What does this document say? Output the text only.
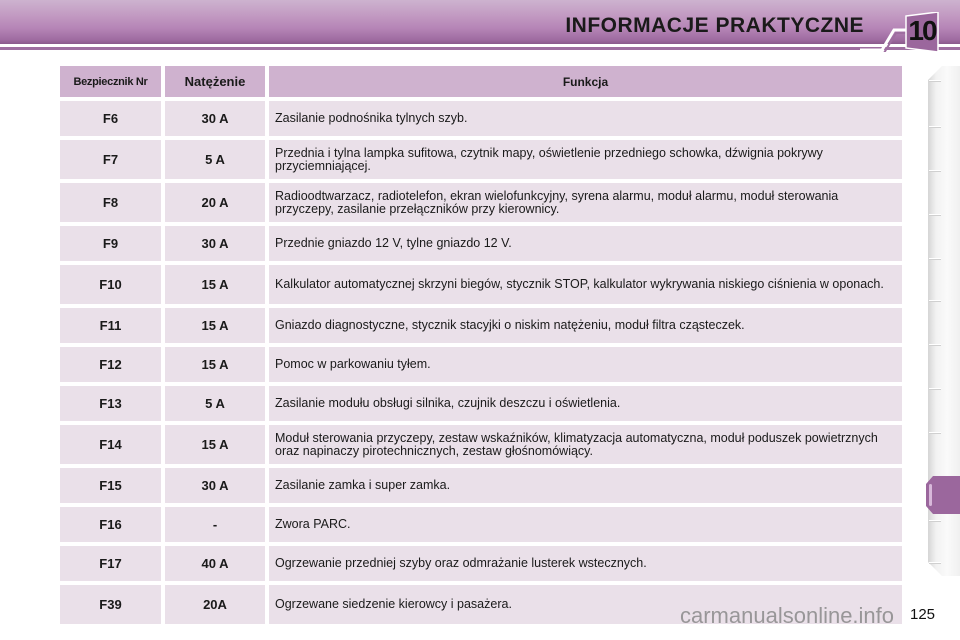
INFORMACJE PRAKTYCZNE 10
Bezpiecznik Nr	Natężenie	Funkcja
F6	30 A	Zasilanie podnośnika tylnych szyb.
F7	5 A	Przednia i tylna lampka sufitowa, czytnik mapy, oświetlenie przedniego schowka, dźwignia pokrywy przyciemniającej.
F8	20 A	Radioodtwarzacz, radiotelefon, ekran wielofunkcyjny, syrena alarmu, moduł alarmu, moduł sterowania przyczepy, zasilanie przełączników przy kierownicy.
F9	30 A	Przednie gniazdo 12 V, tylne gniazdo 12 V.
F10	15 A	Kalkulator automatycznej skrzyni biegów, stycznik STOP, kalkulator wykrywania niskiego ciśnienia w oponach.
F11	15 A	Gniazdo diagnostyczne, stycznik stacyjki o niskim natężeniu, moduł filtra cząsteczek.
F12	15 A	Pomoc w parkowaniu tyłem.
F13	5 A	Zasilanie modułu obsługi silnika, czujnik deszczu i oświetlenia.
F14	15 A	Moduł sterowania przyczepy, zestaw wskaźników, klimatyzacja automatyczna, moduł poduszek powietrznych oraz napinaczy pirotechnicznych, zestaw głośnomówiący.
F15	30 A	Zasilanie zamka i super zamka.
F16	-	Zwora PARC.
F17	40 A	Ogrzewanie przedniej szyby oraz odmrażanie lusterek wstecznych.
F39	20A	Ogrzewane siedzenie kierowcy i pasażera.	carmanualsonline.info 125
